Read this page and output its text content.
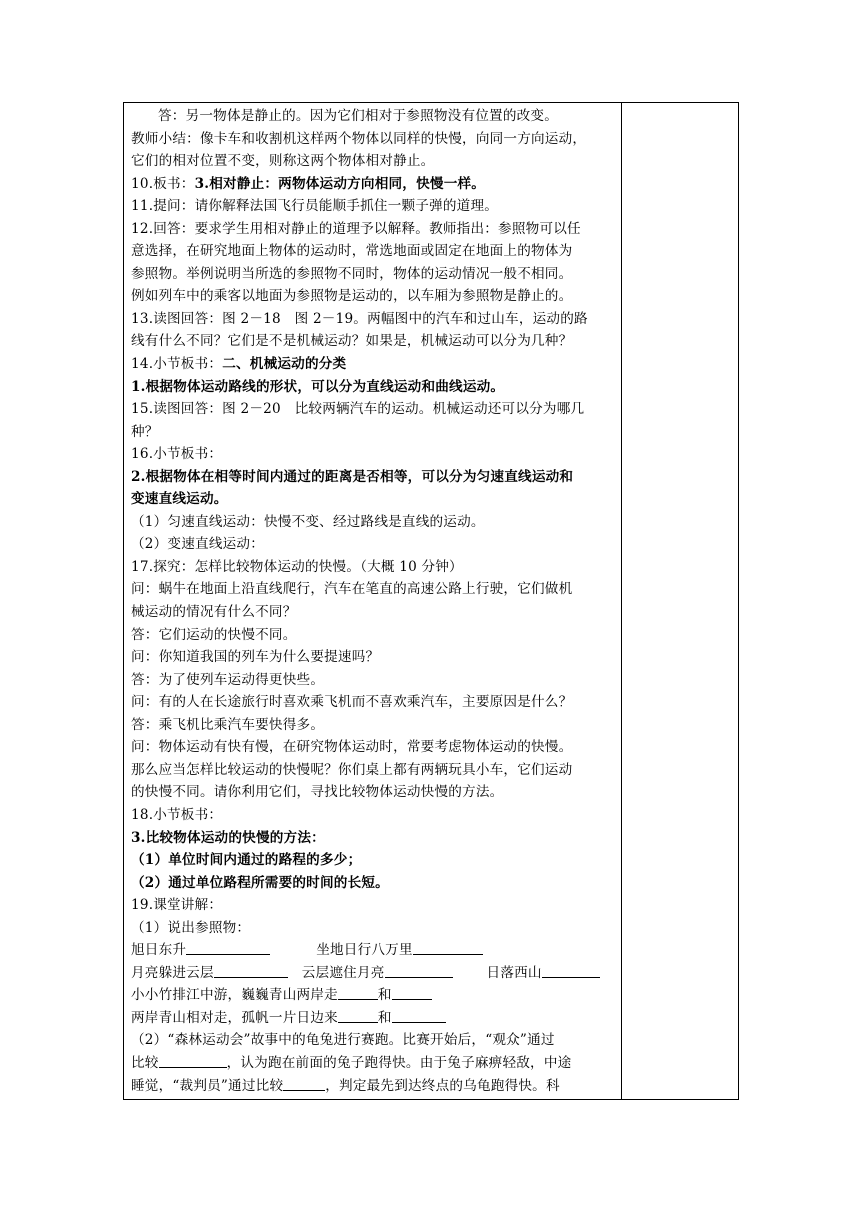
答：另一物体是静止的。因为它们相对于参照物没有位置的改变。
教师小结：像卡车和收割机这样两个物体以同样的快慢，向同一方向运动，
它们的相对位置不变，则称这两个物体相对静止。
10.板书：3.相对静止：两物体运动方向相同，快慢一样。
11.提问：请你解释法国飞行员能顺手抓住一颗子弹的道理。
12.回答：要求学生用相对静止的道理予以解释。教师指出：参照物可以任
意选择，在研究地面上物体的运动时，常选地面或固定在地面上的物体为
参照物。举例说明当所选的参照物不同时，物体的运动情况一般不相同。
例如列车中的乘客以地面为参照物是运动的，以车厢为参照物是静止的。
13.读图回答：图 2－18　图 2－19。两幅图中的汽车和过山车，运动的路
线有什么不同？它们是不是机械运动？如果是，机械运动可以分为几种？
14.小节板书：二、机械运动的分类
1.根据物体运动路线的形状，可以分为直线运动和曲线运动。
15.读图回答：图 2－20　比较两辆汽车的运动。机械运动还可以分为哪几
种？
16.小节板书：
2.根据物体在相等时间内通过的距离是否相等，可以分为匀速直线运动和
变速直线运动。
（1）匀速直线运动：快慢不变、经过路线是直线的运动。
（2）变速直线运动：
17.探究：怎样比较物体运动的快慢。（大概 10 分钟）
问：蜗牛在地面上沿直线爬行，汽车在笔直的高速公路上行驶，它们做机
械运动的情况有什么不同？
答：它们运动的快慢不同。
问：你知道我国的列车为什么要提速吗？
答：为了使列车运动得更快些。
问：有的人在长途旅行时喜欢乘飞机而不喜欢乘汽车，主要原因是什么？
答：乘飞机比乘汽车要快得多。
问：物体运动有快有慢，在研究物体运动时，常要考虑物体运动的快慢。
那么应当怎样比较运动的快慢呢？你们桌上都有两辆玩具小车，它们运动
的快慢不同。请你利用它们，寻找比较物体运动快慢的方法。
18.小节板书：
3.比较物体运动的快慢的方法：
（1）单位时间内通过的路程的多少；
（2）通过单位路程所需要的时间的长短。
19.课堂讲解：
（1）说出参照物：
旭日东升	坐地日行八万里
月亮躲进云层	云层遮住月亮	日落西山
小小竹排江中游，巍巍青山两岸走	和
两岸青山相对走，孤帆一片日边来	和
（2）“森林运动会”故事中的龟兔进行赛跑。比赛开始后，“观众”通过
比较	，认为跑在前面的兔子跑得快。由于兔子麻痹轻敌，中途
睡觉，“裁判员”通过比较	，判定最先到达终点的乌龟跑得快。科
